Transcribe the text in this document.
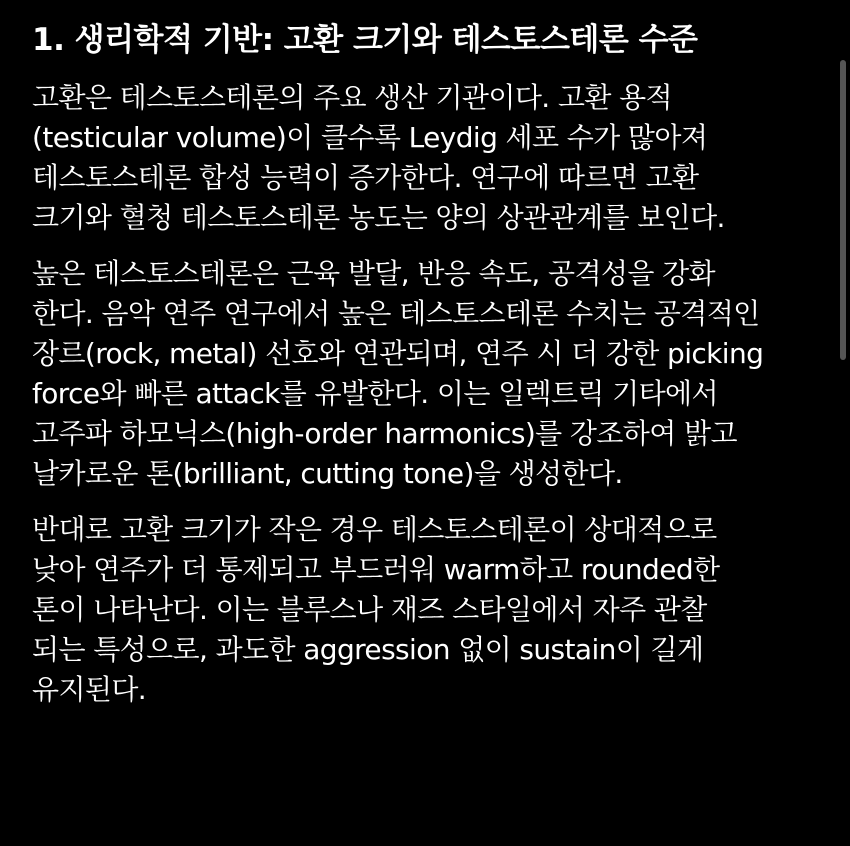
1. 생리학적 기반: 고환 크기와 테스토스테론 수준
고환은 테스토스테론의 주요 생산 기관이다. 고환 용적
(testicular volume)이 클수록 Leydig 세포 수가 많아져
테스토스테론 합성 능력이 증가한다. 연구에 따르면 고환
크기와 혈청 테스토스테론 농도는 양의 상관관계를 보인다.
높은 테스토스테론은 근육 발달, 반응 속도, 공격성을 강화
한다. 음악 연주 연구에서 높은 테스토스테론 수치는 공격적인
장르(rock, metal) 선호와 연관되며, 연주 시 더 강한 picking
force와 빠른 attack를 유발한다. 이는 일렉트릭 기타에서
고주파 하모닉스(high-order harmonics)를 강조하여 밝고
날카로운 톤(brilliant, cutting tone)을 생성한다.
반대로 고환 크기가 작은 경우 테스토스테론이 상대적으로
낮아 연주가 더 통제되고 부드러워 warm하고 rounded한
톤이 나타난다. 이는 블루스나 재즈 스타일에서 자주 관찰
되는 특성으로, 과도한 aggression 없이 sustain이 길게
유지된다.
